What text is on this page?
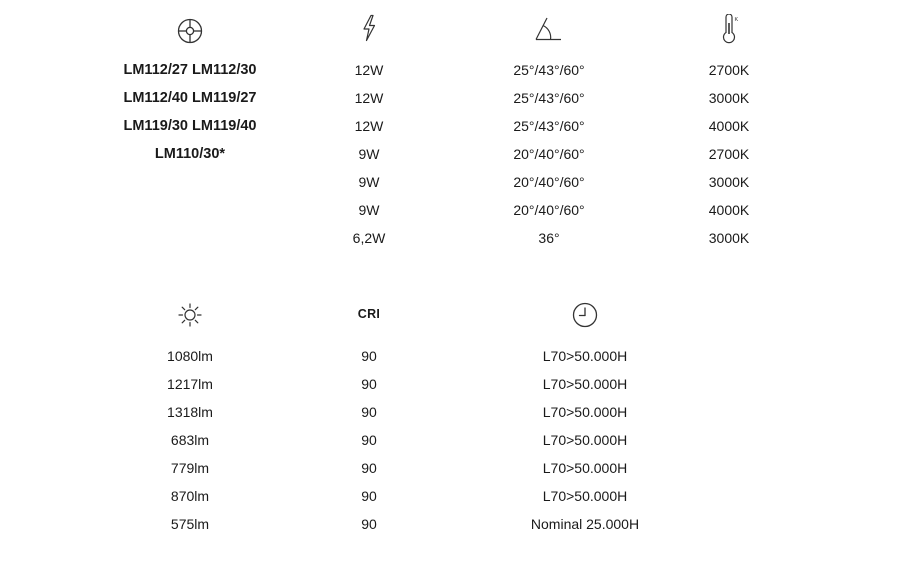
K
LM112/27 LM112/30
LM112/40 LM119/27
LM119/30 LM119/40
LM110/30*
12W
12W
12W
9W
9W
9W
6,2W
25°/43°/60°
25°/43°/60°
25°/43°/60°
20°/40°/60°
20°/40°/60°
20°/40°/60°
36°
2700K
3000K
4000K
2700K
3000K
4000K
3000K
CRI
1080lm
1217lm
1318lm
683lm
779lm
870lm
575lm
90
90
90
90
90
90
90
L70>50.000H
L70>50.000H
L70>50.000H
L70>50.000H
L70>50.000H
L70>50.000H
Nominal 25.000H
